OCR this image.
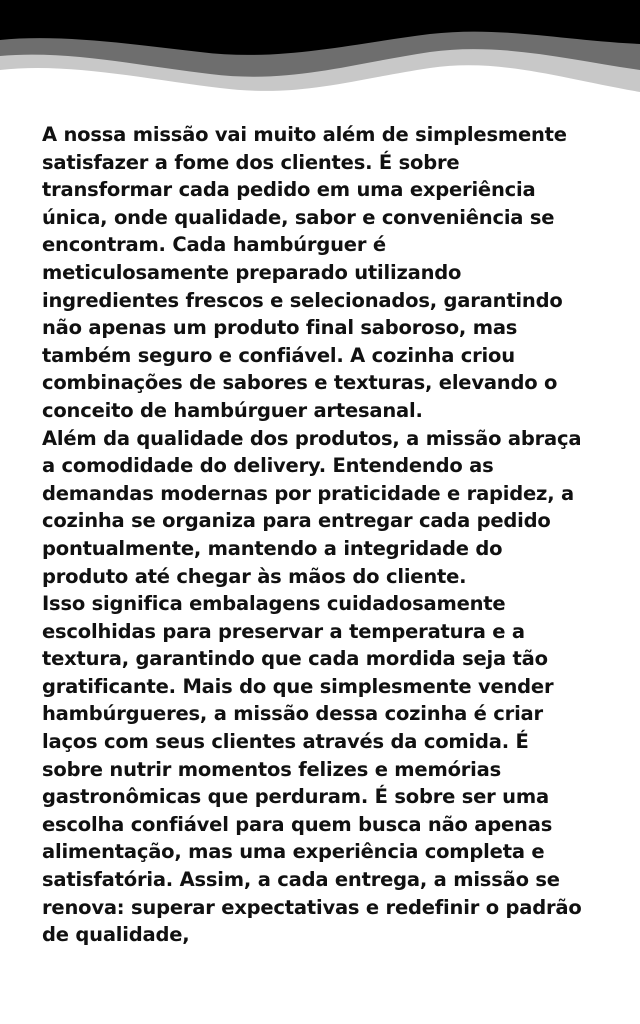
A nossa missão vai muito além de simplesmente

satisfazer a fome dos clientes. É sobre

transformar cada pedido em uma experiência

única, onde qualidade, sabor e conveniência se

encontram. Cada hambúrguer é

meticulosamente preparado utilizando

ingredientes frescos e selecionados, garantindo

não apenas um produto final saboroso, mas

também seguro e confiável. A cozinha criou

combinações de sabores e texturas, elevando o

conceito de hambúrguer artesanal.

Além da qualidade dos produtos, a missão abraça

a comodidade do delivery. Entendendo as

demandas modernas por praticidade e rapidez, a

cozinha se organiza para entregar cada pedido

pontualmente, mantendo a integridade do

produto até chegar às mãos do cliente.

Isso significa embalagens cuidadosamente

escolhidas para preservar a temperatura e a

textura, garantindo que cada mordida seja tão

gratificante. Mais do que simplesmente vender

hambúrgueres, a missão dessa cozinha é criar

laços com seus clientes através da comida. É

sobre nutrir momentos felizes e memórias

gastronômicas que perduram. É sobre ser uma

escolha confiável para quem busca não apenas

alimentação, mas uma experiência completa e

satisfatória. Assim, a cada entrega, a missão se

renova: superar expectativas e redefinir o padrão

de qualidade,
